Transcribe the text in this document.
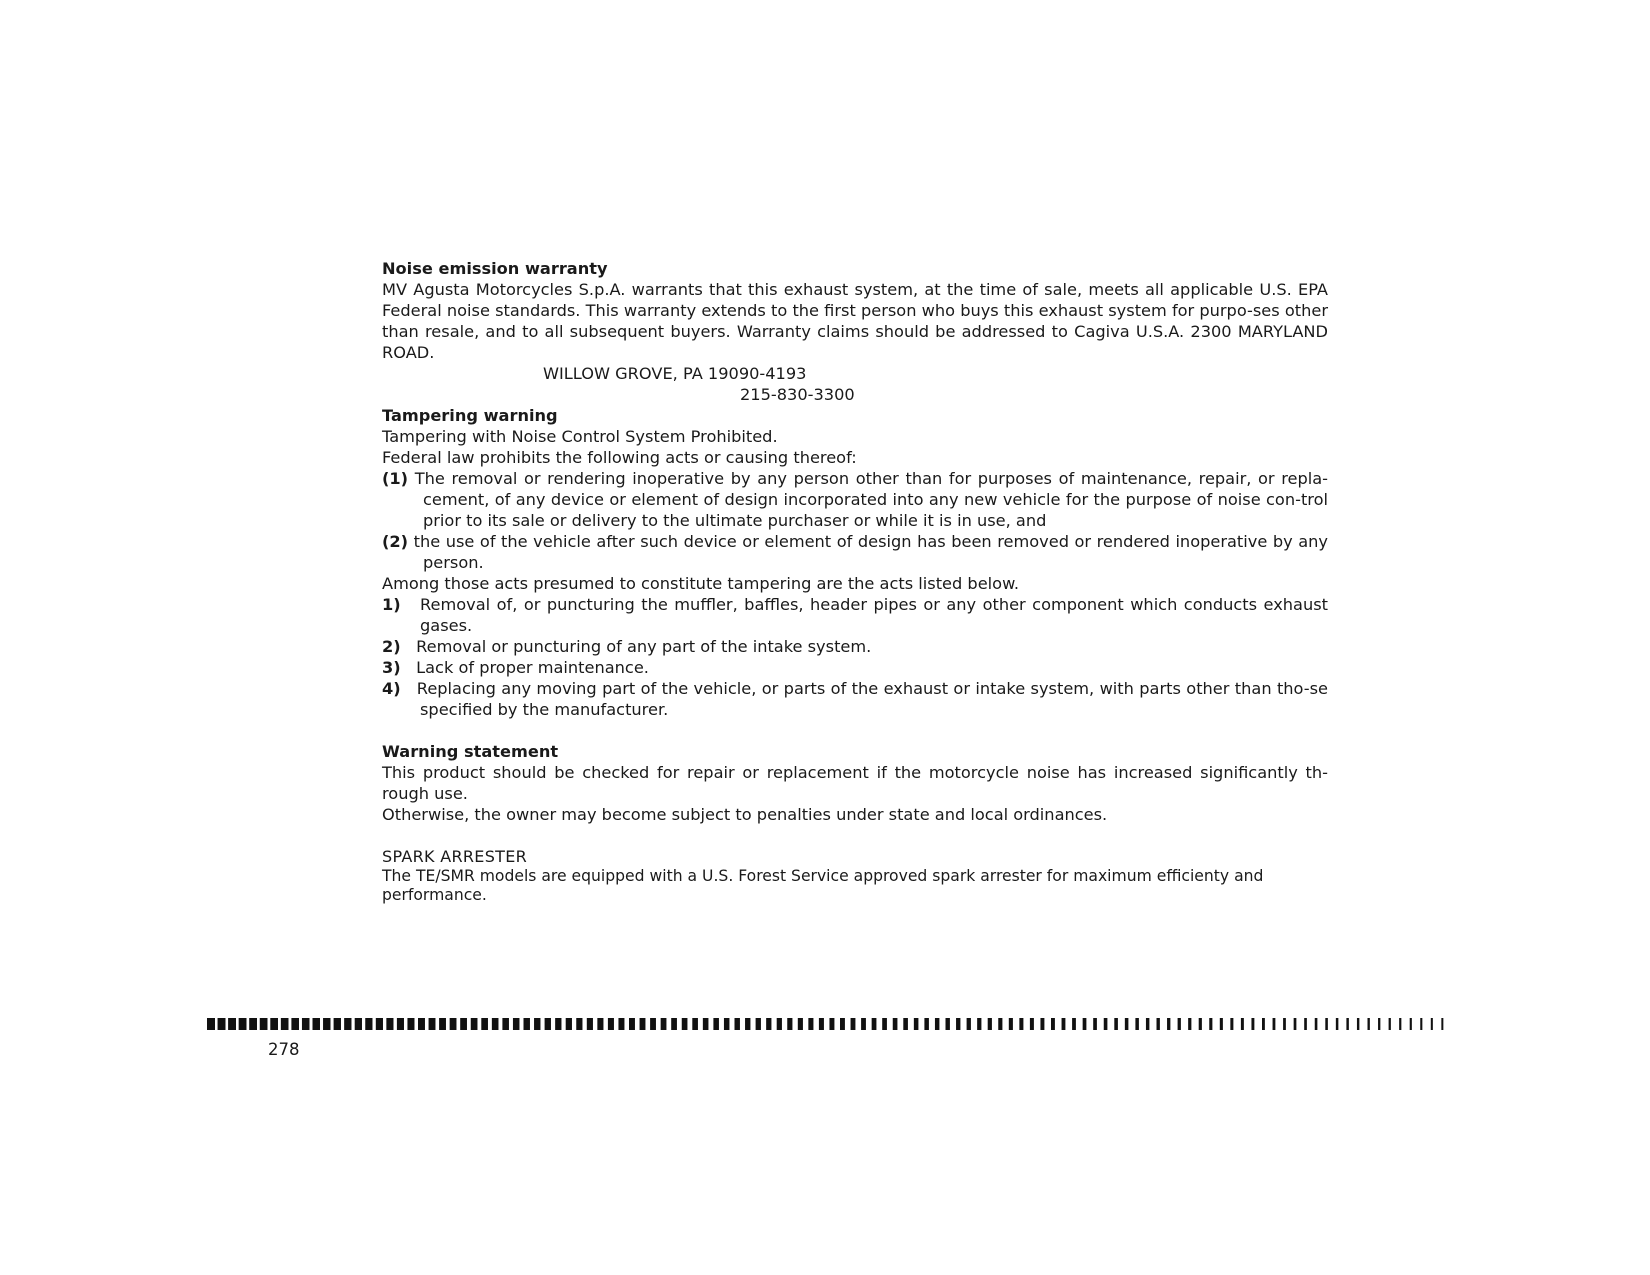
Noise emission warranty
MV Agusta Motorcycles S.p.A. warrants that this exhaust system, at the time of sale, meets all applicable U.S. EPA Federal noise standards. This warranty extends to the first person who buys this exhaust system for purpo-ses other than resale, and to all subsequent buyers. Warranty claims should be addressed to Cagiva U.S.A. 2300 MARYLAND ROAD.
WILLOW GROVE, PA 19090-4193
215-830-3300
Tampering warning
Tampering with Noise Control System Prohibited.
Federal law prohibits the following acts or causing thereof:
(1) The removal or rendering inoperative by any person other than for purposes of maintenance, repair, or repla-cement, of any device or element of design incorporated into any new vehicle for the purpose of noise con-trol prior to its sale or delivery to the ultimate purchaser or while it is in use, and
(2) the use of the vehicle after such device or element of design has been removed or rendered inoperative by any person.
Among those acts presumed to constitute tampering are the acts listed below.
1) Removal of, or puncturing the muffler, baffles, header pipes or any other component which conducts exhaust gases.
2) Removal or puncturing of any part of the intake system.
3) Lack of proper maintenance.
4) Replacing any moving part of the vehicle, or parts of the exhaust or intake system, with parts other than tho-se specified by the manufacturer.
Warning statement
This product should be checked for repair or replacement if the motorcycle noise has increased significantly th-rough use.
Otherwise, the owner may become subject to penalties under state and local ordinances.
SPARK ARRESTER
The TE/SMR models are equipped with a U.S. Forest Service approved spark arrester for maximum efficienty and performance.
278
